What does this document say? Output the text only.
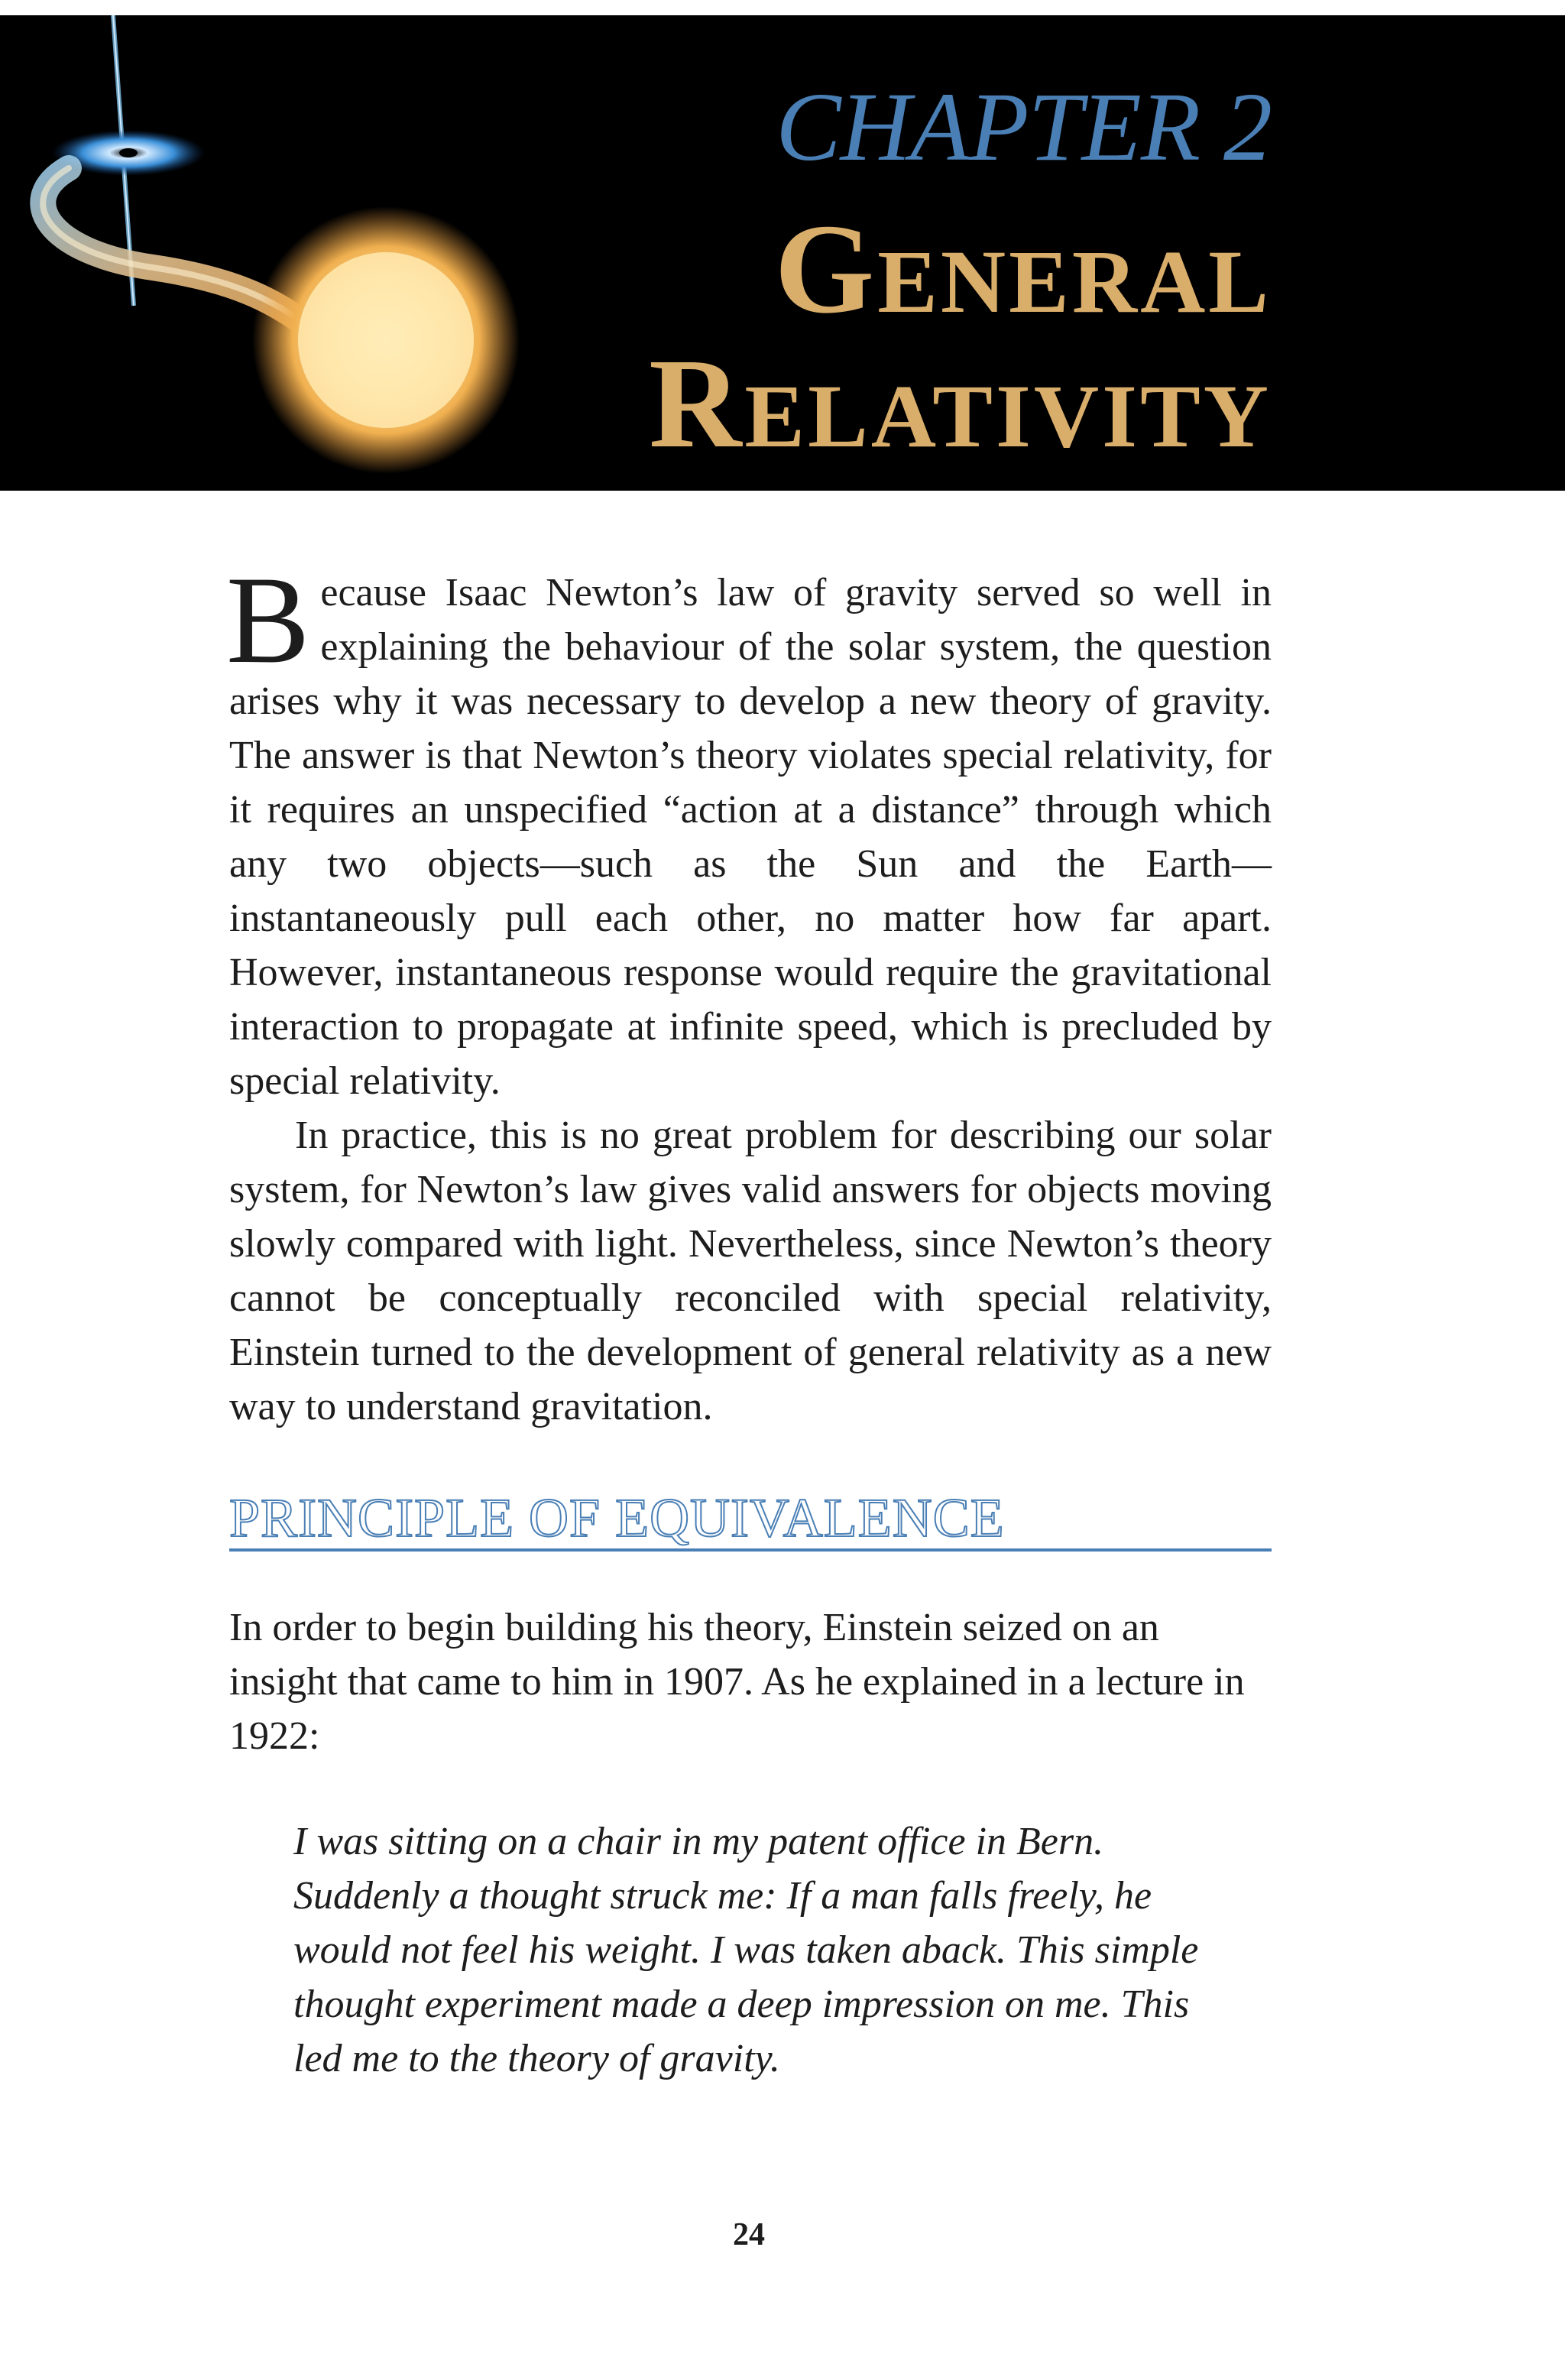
CHAPTER 2
General
Relativity
B ecause Isaac Newton’s law of gravity served so well in explaining the behaviour of the solar system, the question arises why it was necessary to develop a new theory of gravity. The answer is that Newton’s theory violates special relativity, for it requires an unspecified “action at a distance” through which any two objects—such as the Sun and the Earth—instantaneously pull each other, no matter how far apart. However, instantaneous response would require the gravitational interaction to propagate at infinite speed, which is precluded by special relativity.

In practice, this is no great problem for describing our solar system, for Newton’s law gives valid answers for objects moving slowly compared with light. Nevertheless, since Newton’s theory cannot be conceptually reconciled with special relativity, Einstein turned to the development of general relativity as a new way to understand gravitation.

PRINCIPLE OF EQUIVALENCE

In order to begin building his theory, Einstein seized on an insight that came to him in 1907. As he explained in a lecture in 1922:

I was sitting on a chair in my patent office in Bern. Suddenly a thought struck me: If a man falls freely, he would not feel his weight. I was taken aback. This simple thought experiment made a deep impression on me. This led me to the theory of gravity.
24
